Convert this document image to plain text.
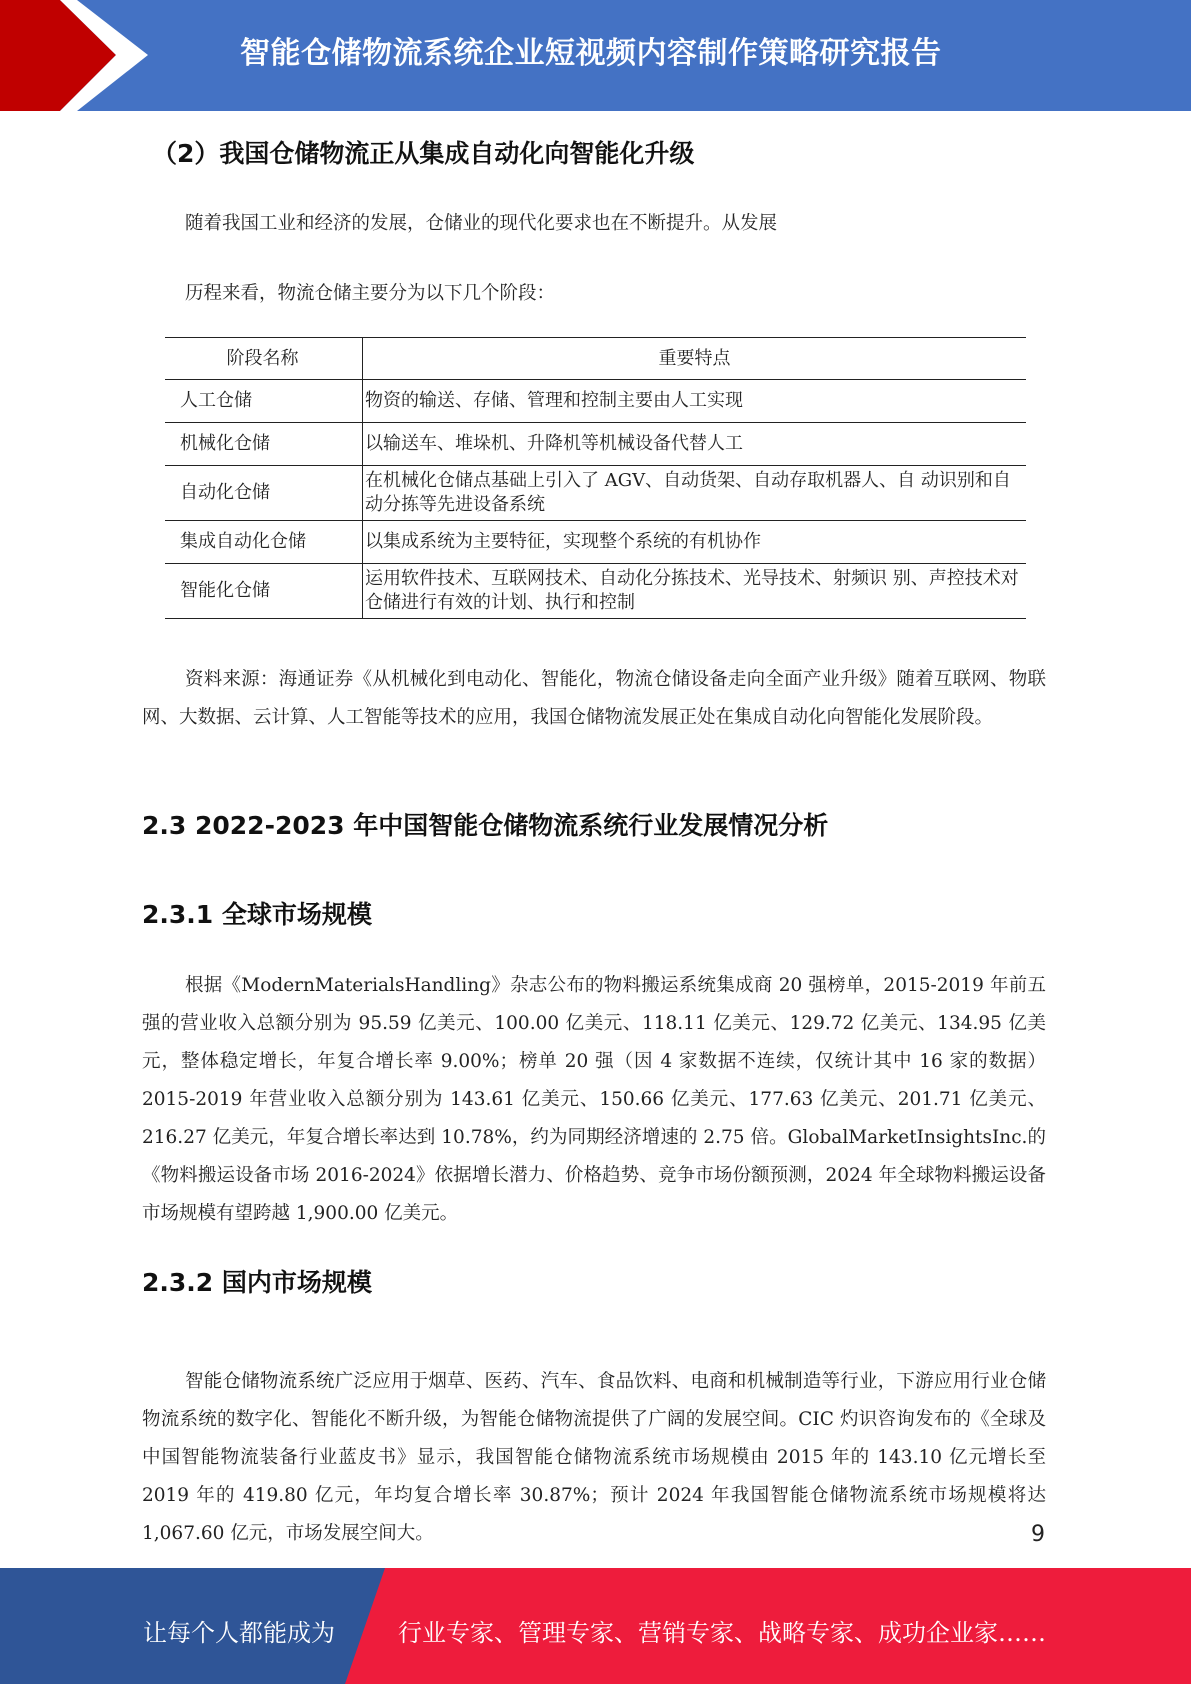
智能仓储物流系统企业短视频内容制作策略研究报告
（2）我国仓储物流正从集成自动化向智能化升级
随着我国工业和经济的发展，仓储业的现代化要求也在不断提升。从发展
历程来看，物流仓储主要分为以下几个阶段：
阶段名称	重要特点
人工仓储	物资的输送、存储、管理和控制主要由人工实现
机械化仓储	以输送车、堆垛机、升降机等机械设备代替人工
自动化仓储	在机械化仓储点基础上引入了 AGV、自动货架、自动存取机器人、自 动识别和自动分拣等先进设备系统
集成自动化仓储	以集成系统为主要特征，实现整个系统的有机协作
智能化仓储	运用软件技术、互联网技术、自动化分拣技术、光导技术、射频识 别、声控技术对仓储进行有效的计划、执行和控制
资料来源：海通证券《从机械化到电动化、智能化，物流仓储设备走向全面产业升级》随着互联网、物联网、大数据、云计算、人工智能等技术的应用，我国仓储物流发展正处在集成自动化向智能化发展阶段。
2.3 2022-2023 年中国智能仓储物流系统行业发展情况分析
2.3.1 全球市场规模
根据《ModernMaterialsHandling》杂志公布的物料搬运系统集成商 20 强榜单，2015-2019 年前五强的营业收入总额分别为 95.59 亿美元、100.00 亿美元、118.11 亿美元、129.72 亿美元、134.95 亿美元，整体稳定增长，年复合增长率 9.00%；榜单 20 强（因 4 家数据不连续，仅统计其中 16 家的数据）2015-2019 年营业收入总额分别为 143.61 亿美元、150.66 亿美元、177.63 亿美元、201.71 亿美元、216.27 亿美元，年复合增长率达到 10.78%，约为同期经济增速的 2.75 倍。GlobalMarketInsightsInc.的《物料搬运设备市场 2016-2024》依据增长潜力、价格趋势、竞争市场份额预测，2024 年全球物料搬运设备市场规模有望跨越 1,900.00 亿美元。
2.3.2 国内市场规模
智能仓储物流系统广泛应用于烟草、医药、汽车、食品饮料、电商和机械制造等行业，下游应用行业仓储物流系统的数字化、智能化不断升级，为智能仓储物流提供了广阔的发展空间。CIC 灼识咨询发布的《全球及中国智能物流装备行业蓝皮书》显示，我国智能仓储物流系统市场规模由 2015 年的 143.10 亿元增长至 2019 年的 419.80 亿元，年均复合增长率 30.87%；预计 2024 年我国智能仓储物流系统市场规模将达 1,067.60 亿元，市场发展空间大。	9
让每个人都能成为	行业专家、管理专家、营销专家、战略专家、成功企业家……
